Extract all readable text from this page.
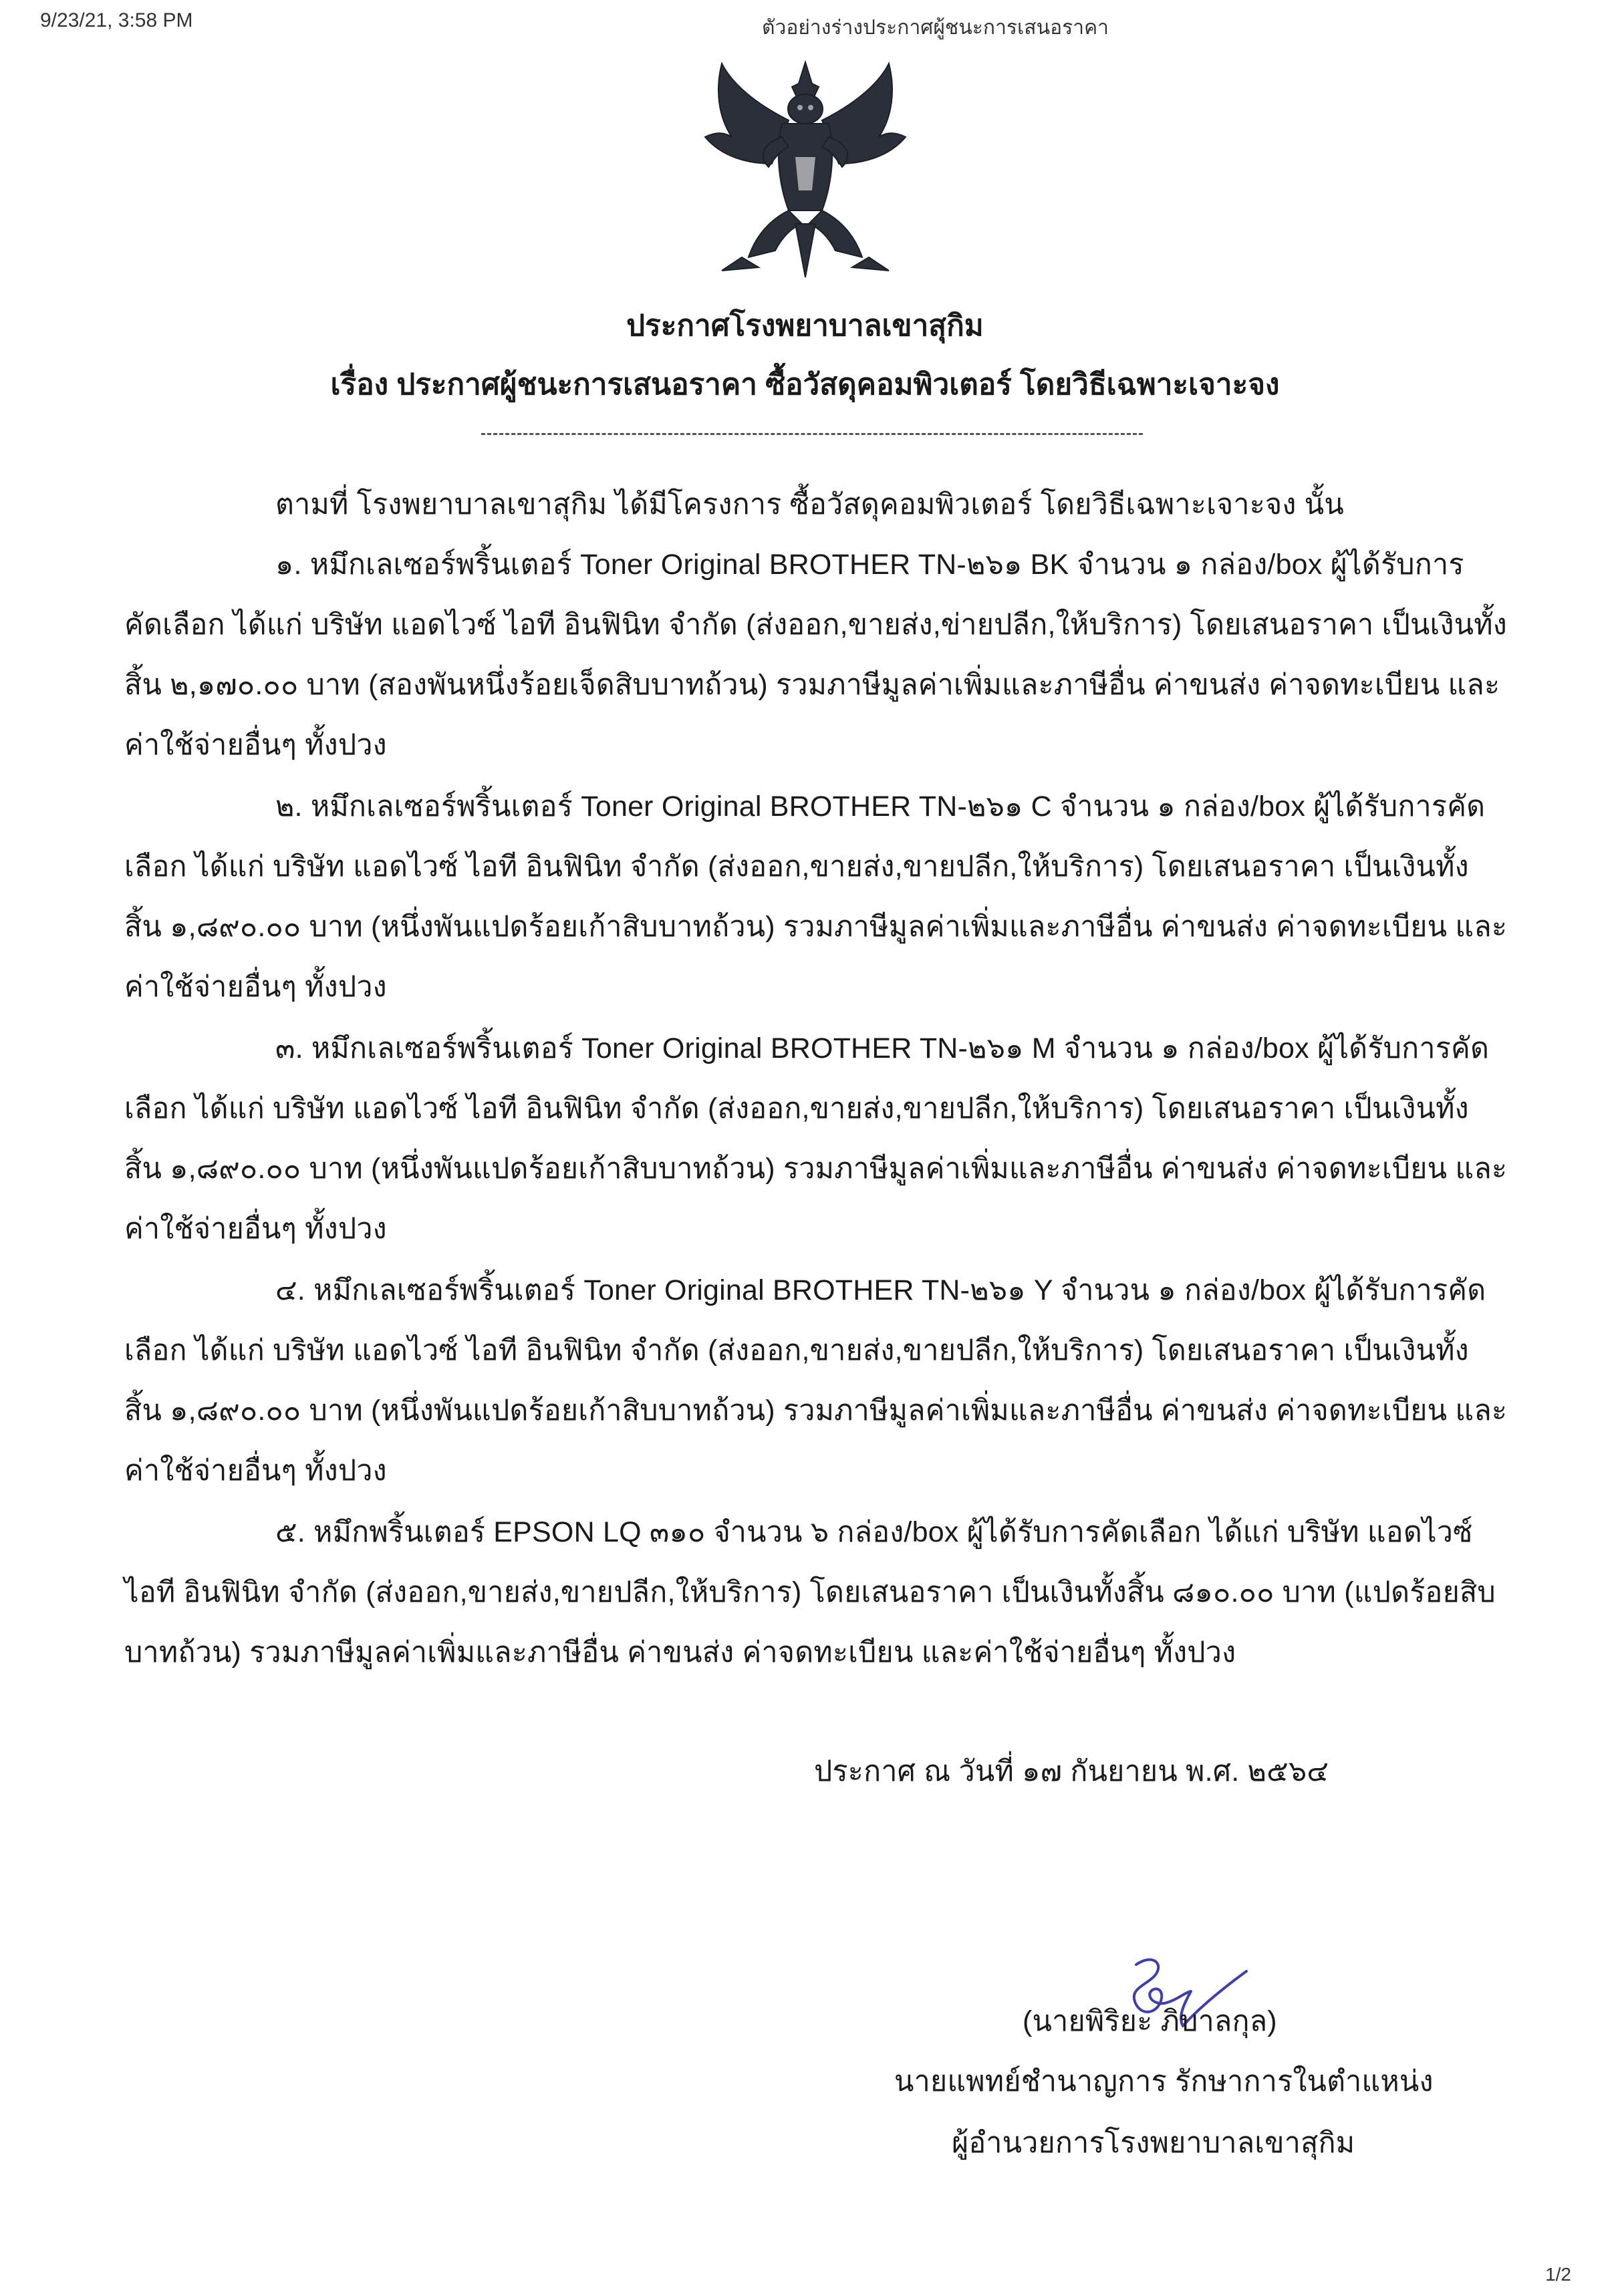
9/23/21, 3:58 PM	ตัวอย่างร่างประกาศผู้ชนะการเสนอราคา
ประกาศโรงพยาบาลเขาสุกิม
เรื่อง ประกาศผู้ชนะการเสนอราคา ซื้อวัสดุคอมพิวเตอร์ โดยวิธีเฉพาะเจาะจง
ตามที่ โรงพยาบาลเขาสุกิม ได้มีโครงการ ซื้อวัสดุคอมพิวเตอร์ โดยวิธีเฉพาะเจาะจง นั้น
๑. หมึกเลเซอร์พริ้นเตอร์ Toner Original BROTHER TN-๒๖๑ BK จำนวน ๑ กล่อง/box ผู้ได้รับการ
คัดเลือก ได้แก่ บริษัท แอดไวซ์ ไอที อินฟินิท จำกัด (ส่งออก,ขายส่ง,ข่ายปลีก,ให้บริการ) โดยเสนอราคา เป็นเงินทั้ง
สิ้น ๒,๑๗๐.๐๐ บาท (สองพันหนึ่งร้อยเจ็ดสิบบาทถ้วน) รวมภาษีมูลค่าเพิ่มและภาษีอื่น ค่าขนส่ง ค่าจดทะเบียน และ
ค่าใช้จ่ายอื่นๆ ทั้งปวง
๒. หมึกเลเซอร์พริ้นเตอร์ Toner Original BROTHER TN-๒๖๑ C จำนวน ๑ กล่อง/box ผู้ได้รับการคัด
เลือก ได้แก่ บริษัท แอดไวซ์ ไอที อินฟินิท จำกัด (ส่งออก,ขายส่ง,ขายปลีก,ให้บริการ) โดยเสนอราคา เป็นเงินทั้ง
สิ้น ๑,๘๙๐.๐๐ บาท (หนึ่งพันแปดร้อยเก้าสิบบาทถ้วน) รวมภาษีมูลค่าเพิ่มและภาษีอื่น ค่าขนส่ง ค่าจดทะเบียน และ
ค่าใช้จ่ายอื่นๆ ทั้งปวง
๓. หมึกเลเซอร์พริ้นเตอร์ Toner Original BROTHER TN-๒๖๑ M จำนวน ๑ กล่อง/box ผู้ได้รับการคัด
เลือก ได้แก่ บริษัท แอดไวซ์ ไอที อินฟินิท จำกัด (ส่งออก,ขายส่ง,ขายปลีก,ให้บริการ) โดยเสนอราคา เป็นเงินทั้ง
สิ้น ๑,๘๙๐.๐๐ บาท (หนึ่งพันแปดร้อยเก้าสิบบาทถ้วน) รวมภาษีมูลค่าเพิ่มและภาษีอื่น ค่าขนส่ง ค่าจดทะเบียน และ
ค่าใช้จ่ายอื่นๆ ทั้งปวง
๔. หมึกเลเซอร์พริ้นเตอร์ Toner Original BROTHER TN-๒๖๑ Y จำนวน ๑ กล่อง/box ผู้ได้รับการคัด
เลือก ได้แก่ บริษัท แอดไวซ์ ไอที อินฟินิท จำกัด (ส่งออก,ขายส่ง,ขายปลีก,ให้บริการ) โดยเสนอราคา เป็นเงินทั้ง
สิ้น ๑,๘๙๐.๐๐ บาท (หนึ่งพันแปดร้อยเก้าสิบบาทถ้วน) รวมภาษีมูลค่าเพิ่มและภาษีอื่น ค่าขนส่ง ค่าจดทะเบียน และ
ค่าใช้จ่ายอื่นๆ ทั้งปวง
๕. หมึกพริ้นเตอร์ EPSON LQ ๓๑๐ จำนวน ๖ กล่อง/box ผู้ได้รับการคัดเลือก ได้แก่ บริษัท แอดไวซ์
ไอที อินฟินิท จำกัด (ส่งออก,ขายส่ง,ขายปลีก,ให้บริการ) โดยเสนอราคา เป็นเงินทั้งสิ้น ๘๑๐.๐๐ บาท (แปดร้อยสิบ
บาทถ้วน) รวมภาษีมูลค่าเพิ่มและภาษีอื่น ค่าขนส่ง ค่าจดทะเบียน และค่าใช้จ่ายอื่นๆ ทั้งปวง
ประกาศ ณ วันที่ ๑๗ กันยายน พ.ศ. ๒๕๖๔
(นายพิริยะ ภิบาลกุล)
นายแพทย์ชำนาญการ รักษาการในตำแหน่ง
ผู้อำนวยการโรงพยาบาลเขาสุกิม
1/2
